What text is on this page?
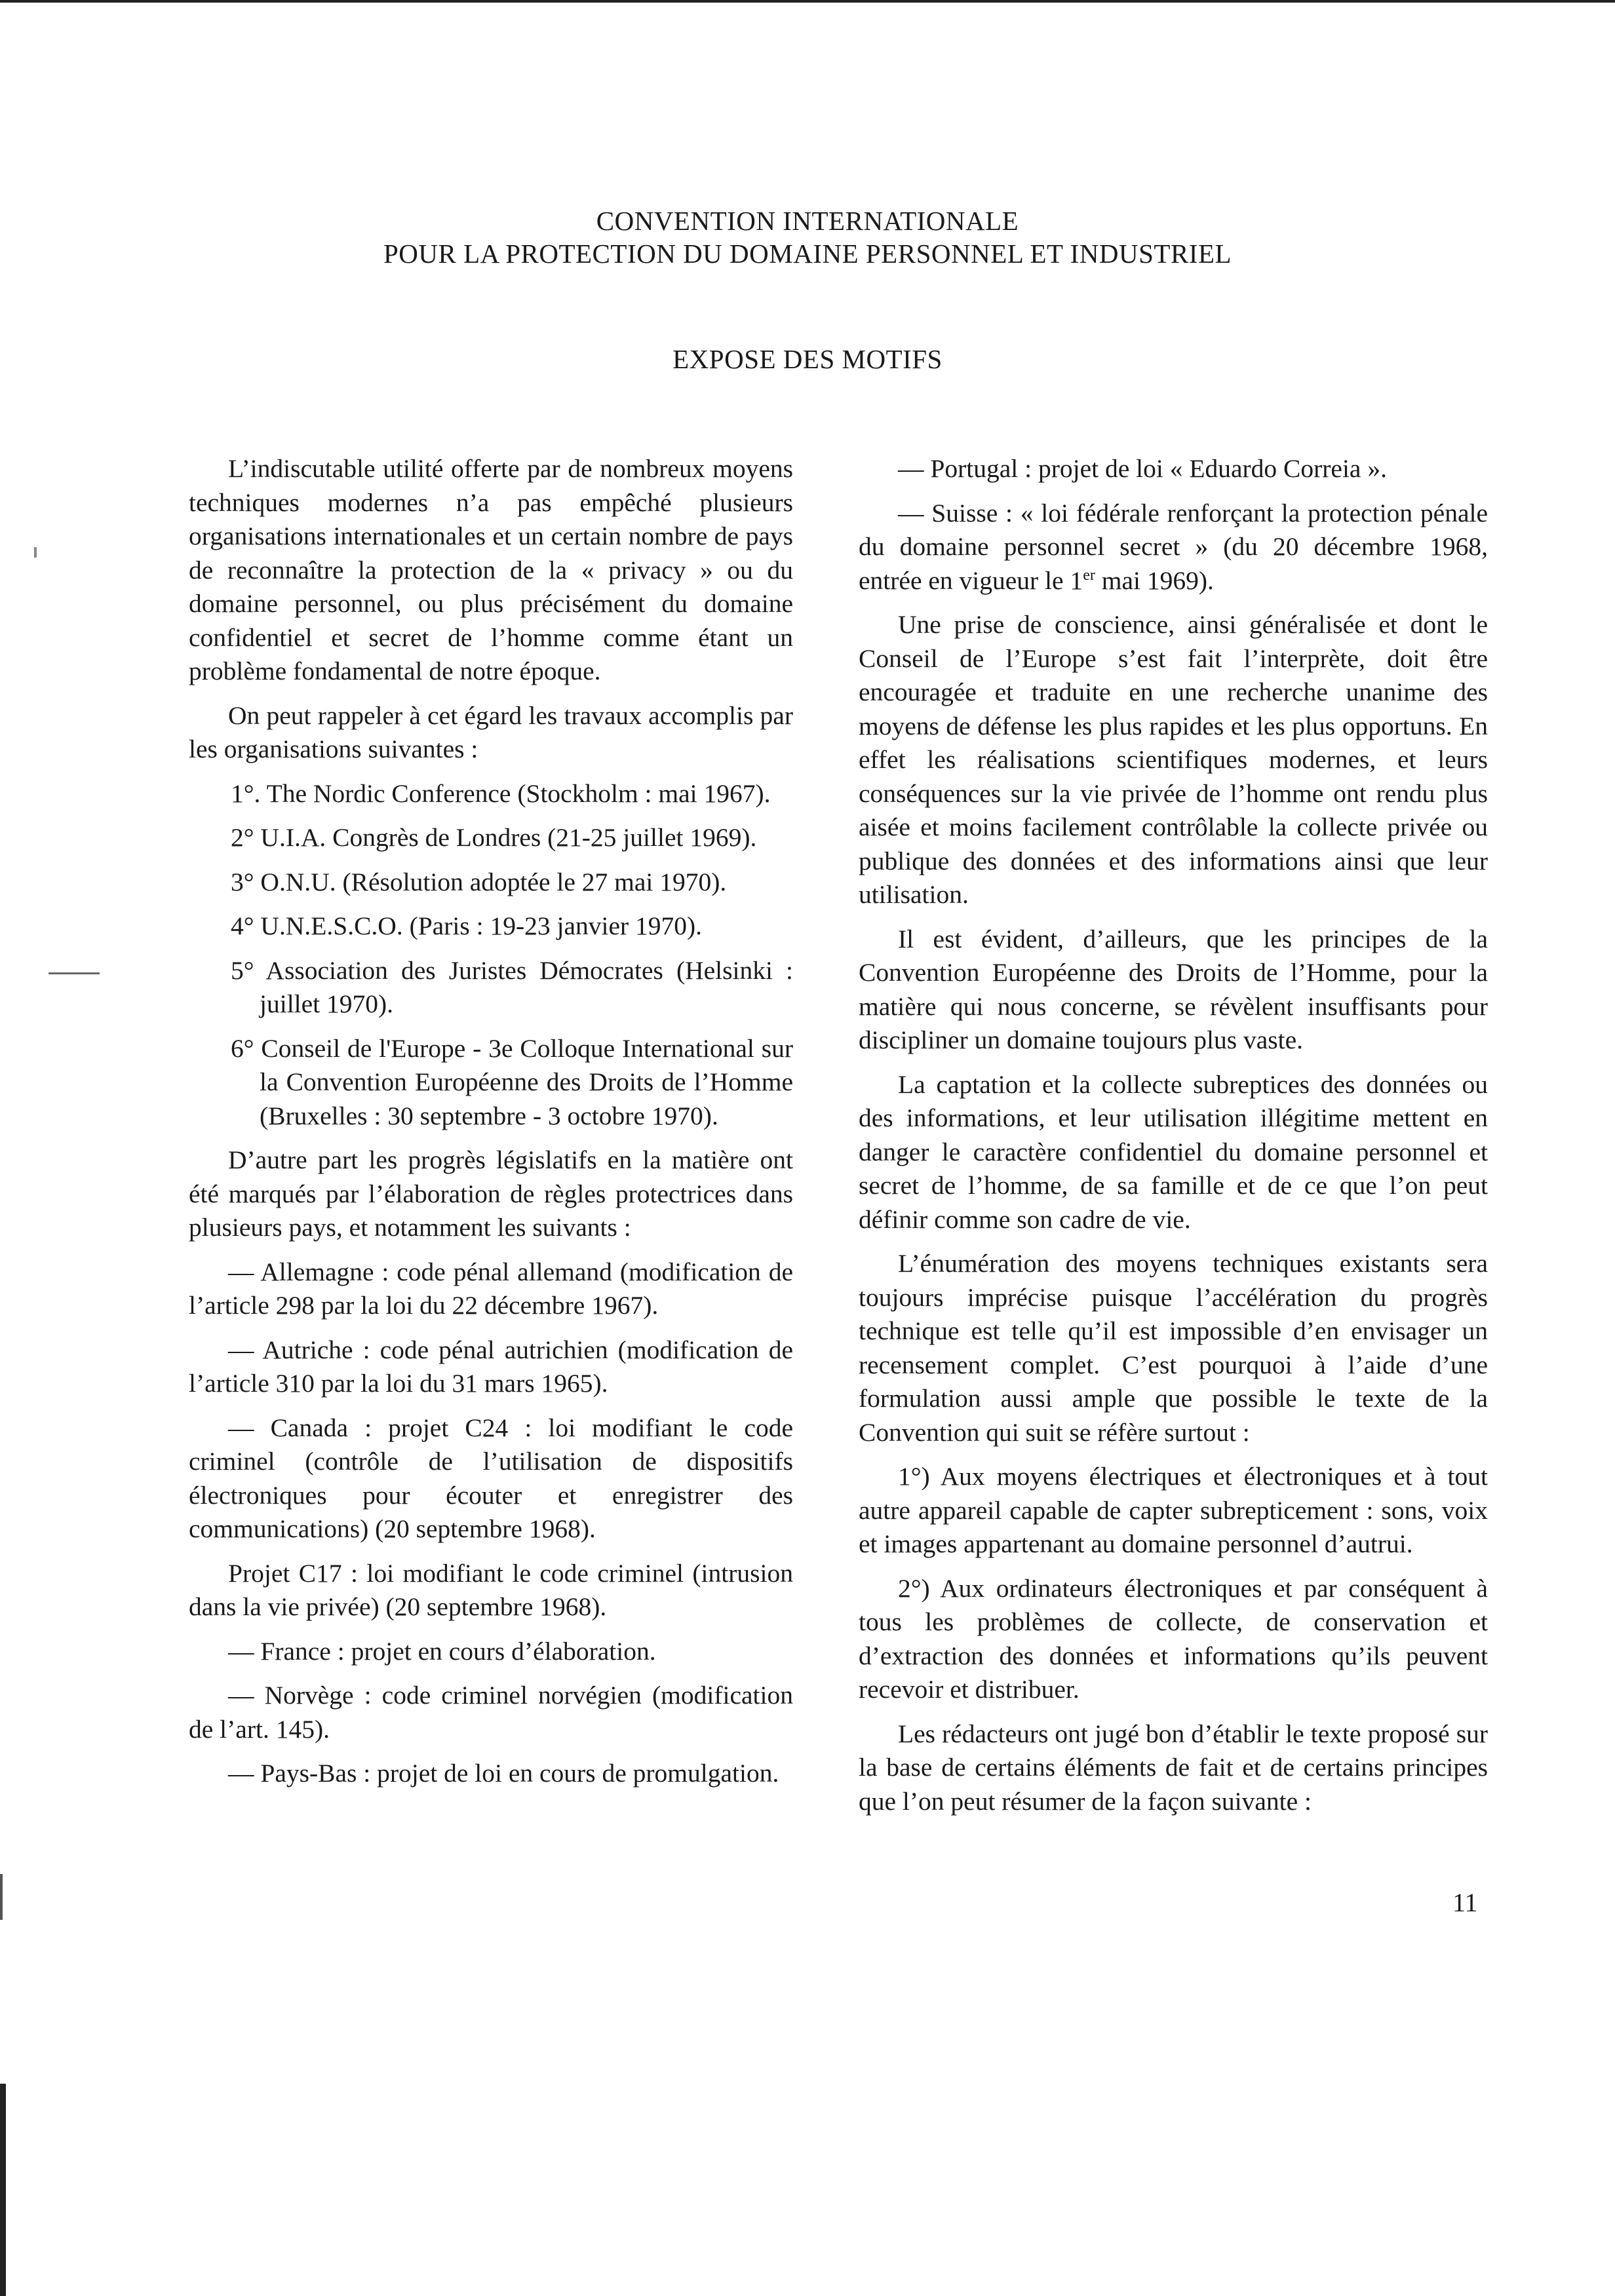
CONVENTION INTERNATIONALE
POUR LA PROTECTION DU DOMAINE PERSONNEL ET INDUSTRIEL
EXPOSE DES MOTIFS

L’indiscutable utilité offerte par de nombreux moyens techniques modernes n’a pas empêché plusieurs organisations internationales et un certain nombre de pays de reconnaître la protection de la « privacy » ou du domaine personnel, ou plus précisément du domaine confidentiel et secret de l’homme comme étant un problème fondamental de notre époque.

On peut rappeler à cet égard les travaux accomplis par les organisations suivantes :

1°. The Nordic Conference (Stockholm : mai 1967).

2° U.I.A. Congrès de Londres (21-25 juillet 1969).

3° O.N.U. (Résolution adoptée le 27 mai 1970).

4° U.N.E.S.C.O. (Paris : 19-23 janvier 1970).

5° Association des Juristes Démocrates (Helsinki : juillet 1970).

6° Conseil de l'Europe - 3e Colloque International sur la Convention Européenne des Droits de l’Homme (Bruxelles : 30 septembre - 3 octobre 1970).

D’autre part les progrès législatifs en la matière ont été marqués par l’élaboration de règles protectrices dans plusieurs pays, et notamment les suivants :

— Allemagne : code pénal allemand (modification de l’article 298 par la loi du 22 décembre 1967).

— Autriche : code pénal autrichien (modification de l’article 310 par la loi du 31 mars 1965).

— Canada : projet C24 : loi modifiant le code criminel (contrôle de l’utilisation de dispositifs électroniques pour écouter et enregistrer des communications) (20 septembre 1968).

Projet C17 : loi modifiant le code criminel (intrusion dans la vie privée) (20 septembre 1968).

— France : projet en cours d’élaboration.

— Norvège : code criminel norvégien (modification de l’art. 145).

— Pays-Bas : projet de loi en cours de promulgation.

— Portugal : projet de loi « Eduardo Correia ».

— Suisse : « loi fédérale renforçant la protection pénale du domaine personnel secret » (du 20 décembre 1968, entrée en vigueur le 1er mai 1969).

Une prise de conscience, ainsi généralisée et dont le Conseil de l’Europe s’est fait l’interprète, doit être encouragée et traduite en une recherche unanime des moyens de défense les plus rapides et les plus opportuns. En effet les réalisations scientifiques modernes, et leurs conséquences sur la vie privée de l’homme ont rendu plus aisée et moins facilement contrôlable la collecte privée ou publique des données et des informations ainsi que leur utilisation.

Il est évident, d’ailleurs, que les principes de la Convention Européenne des Droits de l’Homme, pour la matière qui nous concerne, se révèlent insuffisants pour discipliner un domaine toujours plus vaste.

La captation et la collecte subreptices des données ou des informations, et leur utilisation illégitime mettent en danger le caractère confidentiel du domaine personnel et secret de l’homme, de sa famille et de ce que l’on peut définir comme son cadre de vie.

L’énumération des moyens techniques existants sera toujours imprécise puisque l’accélération du progrès technique est telle qu’il est impossible d’en envisager un recensement complet. C’est pourquoi à l’aide d’une formulation aussi ample que possible le texte de la Convention qui suit se réfère surtout :

1°) Aux moyens électriques et électroniques et à tout autre appareil capable de capter subrepticement : sons, voix et images appartenant au domaine personnel d’autrui.

2°) Aux ordinateurs électroniques et par conséquent à tous les problèmes de collecte, de conservation et d’extraction des données et informations qu’ils peuvent recevoir et distribuer.

Les rédacteurs ont jugé bon d’établir le texte proposé sur la base de certains éléments de fait et de certains principes que l’on peut résumer de la façon suivante :

11
